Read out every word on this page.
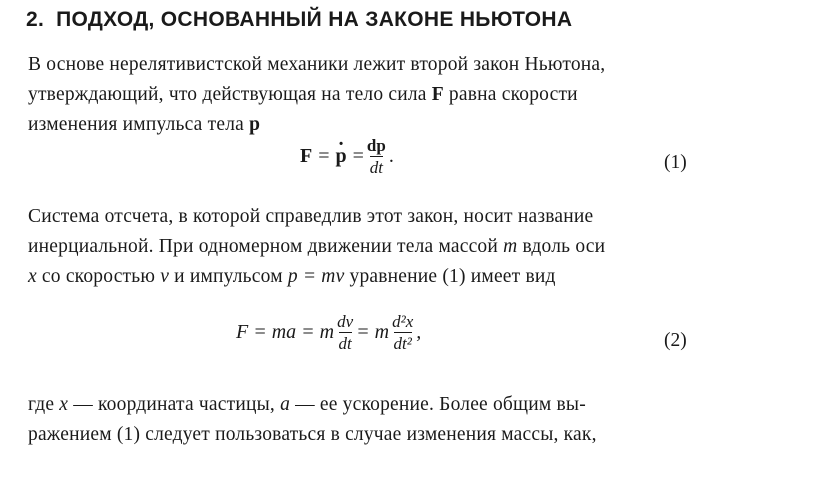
2. ПОДХОД, ОСНОВАННЫЙ НА ЗАКОНЕ НЬЮТОНА
В основе нерелятивистской механики лежит второй закон Ньютона,
утверждающий, что действующая на тело сила F равна скорости
изменения импульса тела p
F =
· $p = \frac{dp}{dt}$ .	(1)
Система отсчета, в которой справедлив этот закон, носит название
инерциальной. При одномерном движении тела массой m вдоль оси
x со скоростью v и импульсом p = mv уравнение (1) имеет вид
F = ma = m $\frac{dv}{dt} = m \frac{\text{d²x}}{\text{dt²}}$ ,	(2)
где x — координата частицы, a — ее ускорение. Более общим вы-
ражением (1) следует пользоваться в случае изменения массы, как,
